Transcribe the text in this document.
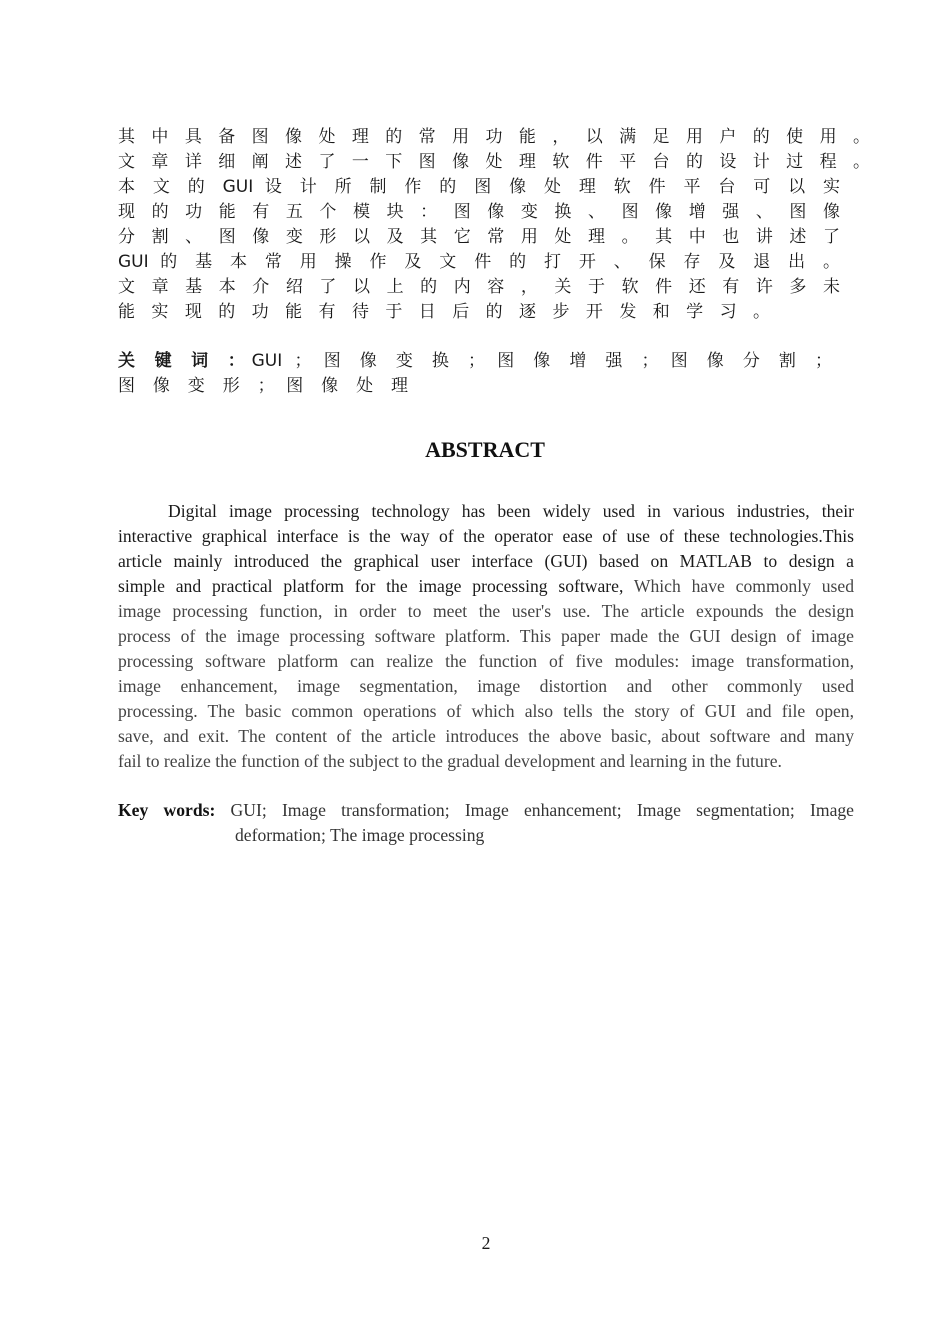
其 中 具 备 图 像 处 理 的 常 用 功 能 ， 以 满 足 用 户 的 使 用 。
文 章 详 细 阐 述 了 一 下 图 像 处 理 软 件 平 台 的 设 计 过 程 。
本 文 的 GUI 设 计 所 制 作 的 图 像 处 理 软 件 平 台 可 以 实
现 的 功 能 有 五 个 模 块 ： 图 像 变 换 、 图 像 增 强 、 图 像
分 割 、 图 像 变 形 以 及 其 它 常 用 处 理 。 其 中 也 讲 述 了
GUI 的 基 本 常 用 操 作 及 文 件 的 打 开 、 保 存 及 退 出 。
文 章 基 本 介 绍 了 以 上 的 内 容 ， 关 于 软 件 还 有 许 多 未
能 实 现 的 功 能 有 待 于 日 后 的 逐 步 开 发 和 学 习 。
关 键 词 ：GUI ； 图 像 变 换 ； 图 像 增 强 ； 图 像 分 割 ；
图 像 变 形 ； 图 像 处 理
ABSTRACT
Digital image processing technology has been widely used in various industries, their
interactive graphical interface is the way of the operator ease of use of these technologies.This
article mainly introduced the graphical user interface (GUI) based on MATLAB to design a
simple and practical platform for the image processing software, Which have commonly used
image processing function, in order to meet the user's use. The article expounds the design
process of the image processing software platform. This paper made the GUI design of image
processing software platform can realize the function of five modules: image transformation,
image enhancement, image segmentation, image distortion and other commonly used
processing. The basic common operations of which also tells the story of GUI and file open,
save, and exit. The content of the article introduces the above basic, about software and many
fail to realize the function of the subject to the gradual development and learning in the future.
Key words: GUI; Image transformation; Image enhancement; Image segmentation; Image
deformation; The image processing
2
